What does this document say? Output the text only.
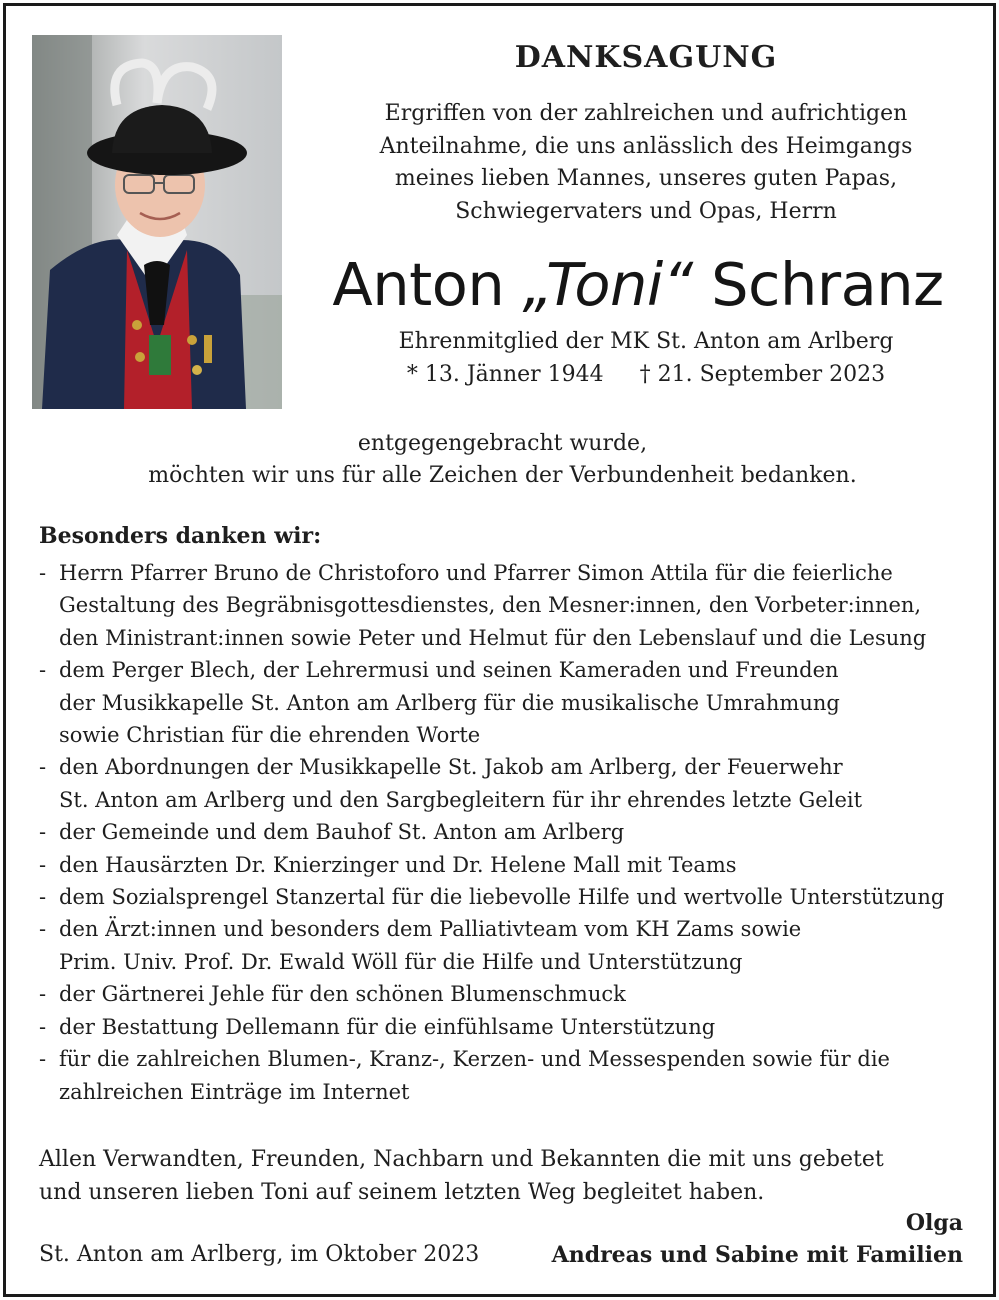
DANKSAGUNG
Ergriffen von der zahlreichen und aufrichtigen
Anteilnahme, die uns anlässlich des Heimgangs
meines lieben Mannes, unseres guten Papas,
Schwiegervaters und Opas, Herrn
Anton „Toni“ Schranz
Ehrenmitglied der MK St. Anton am Arlberg
* 13. Jänner 1944 † 21. September 2023
entgegengebracht wurde,
möchten wir uns für alle Zeichen der Verbundenheit bedanken.
Besonders danken wir:
- Herrn Pfarrer Bruno de Christoforo und Pfarrer Simon Attila für die feierliche
Gestaltung des Begräbnisgottesdienstes, den Mesner:innen, den Vorbeter:innen,
den Ministrant:innen sowie Peter und Helmut für den Lebenslauf und die Lesung
- dem Perger Blech, der Lehrermusi und seinen Kameraden und Freunden
der Musikkapelle St. Anton am Arlberg für die musikalische Umrahmung
sowie Christian für die ehrenden Worte
- den Abordnungen der Musikkapelle St. Jakob am Arlberg, der Feuerwehr
St. Anton am Arlberg und den Sargbegleitern für ihr ehrendes letzte Geleit
- der Gemeinde und dem Bauhof St. Anton am Arlberg
- den Hausärzten Dr. Knierzinger und Dr. Helene Mall mit Teams
- dem Sozialsprengel Stanzertal für die liebevolle Hilfe und wertvolle Unterstützung
- den Ärzt:innen und besonders dem Palliativteam vom KH Zams sowie
Prim. Univ. Prof. Dr. Ewald Wöll für die Hilfe und Unterstützung
- der Gärtnerei Jehle für den schönen Blumenschmuck
- der Bestattung Dellemann für die einfühlsame Unterstützung
- für die zahlreichen Blumen-, Kranz-, Kerzen- und Messespenden sowie für die
zahlreichen Einträge im Internet
Allen Verwandten, Freunden, Nachbarn und Bekannten die mit uns gebetet
und unseren lieben Toni auf seinem letzten Weg begleitet haben.
Olga
St. Anton am Arlberg, im Oktober 2023	Andreas und Sabine mit Familien
